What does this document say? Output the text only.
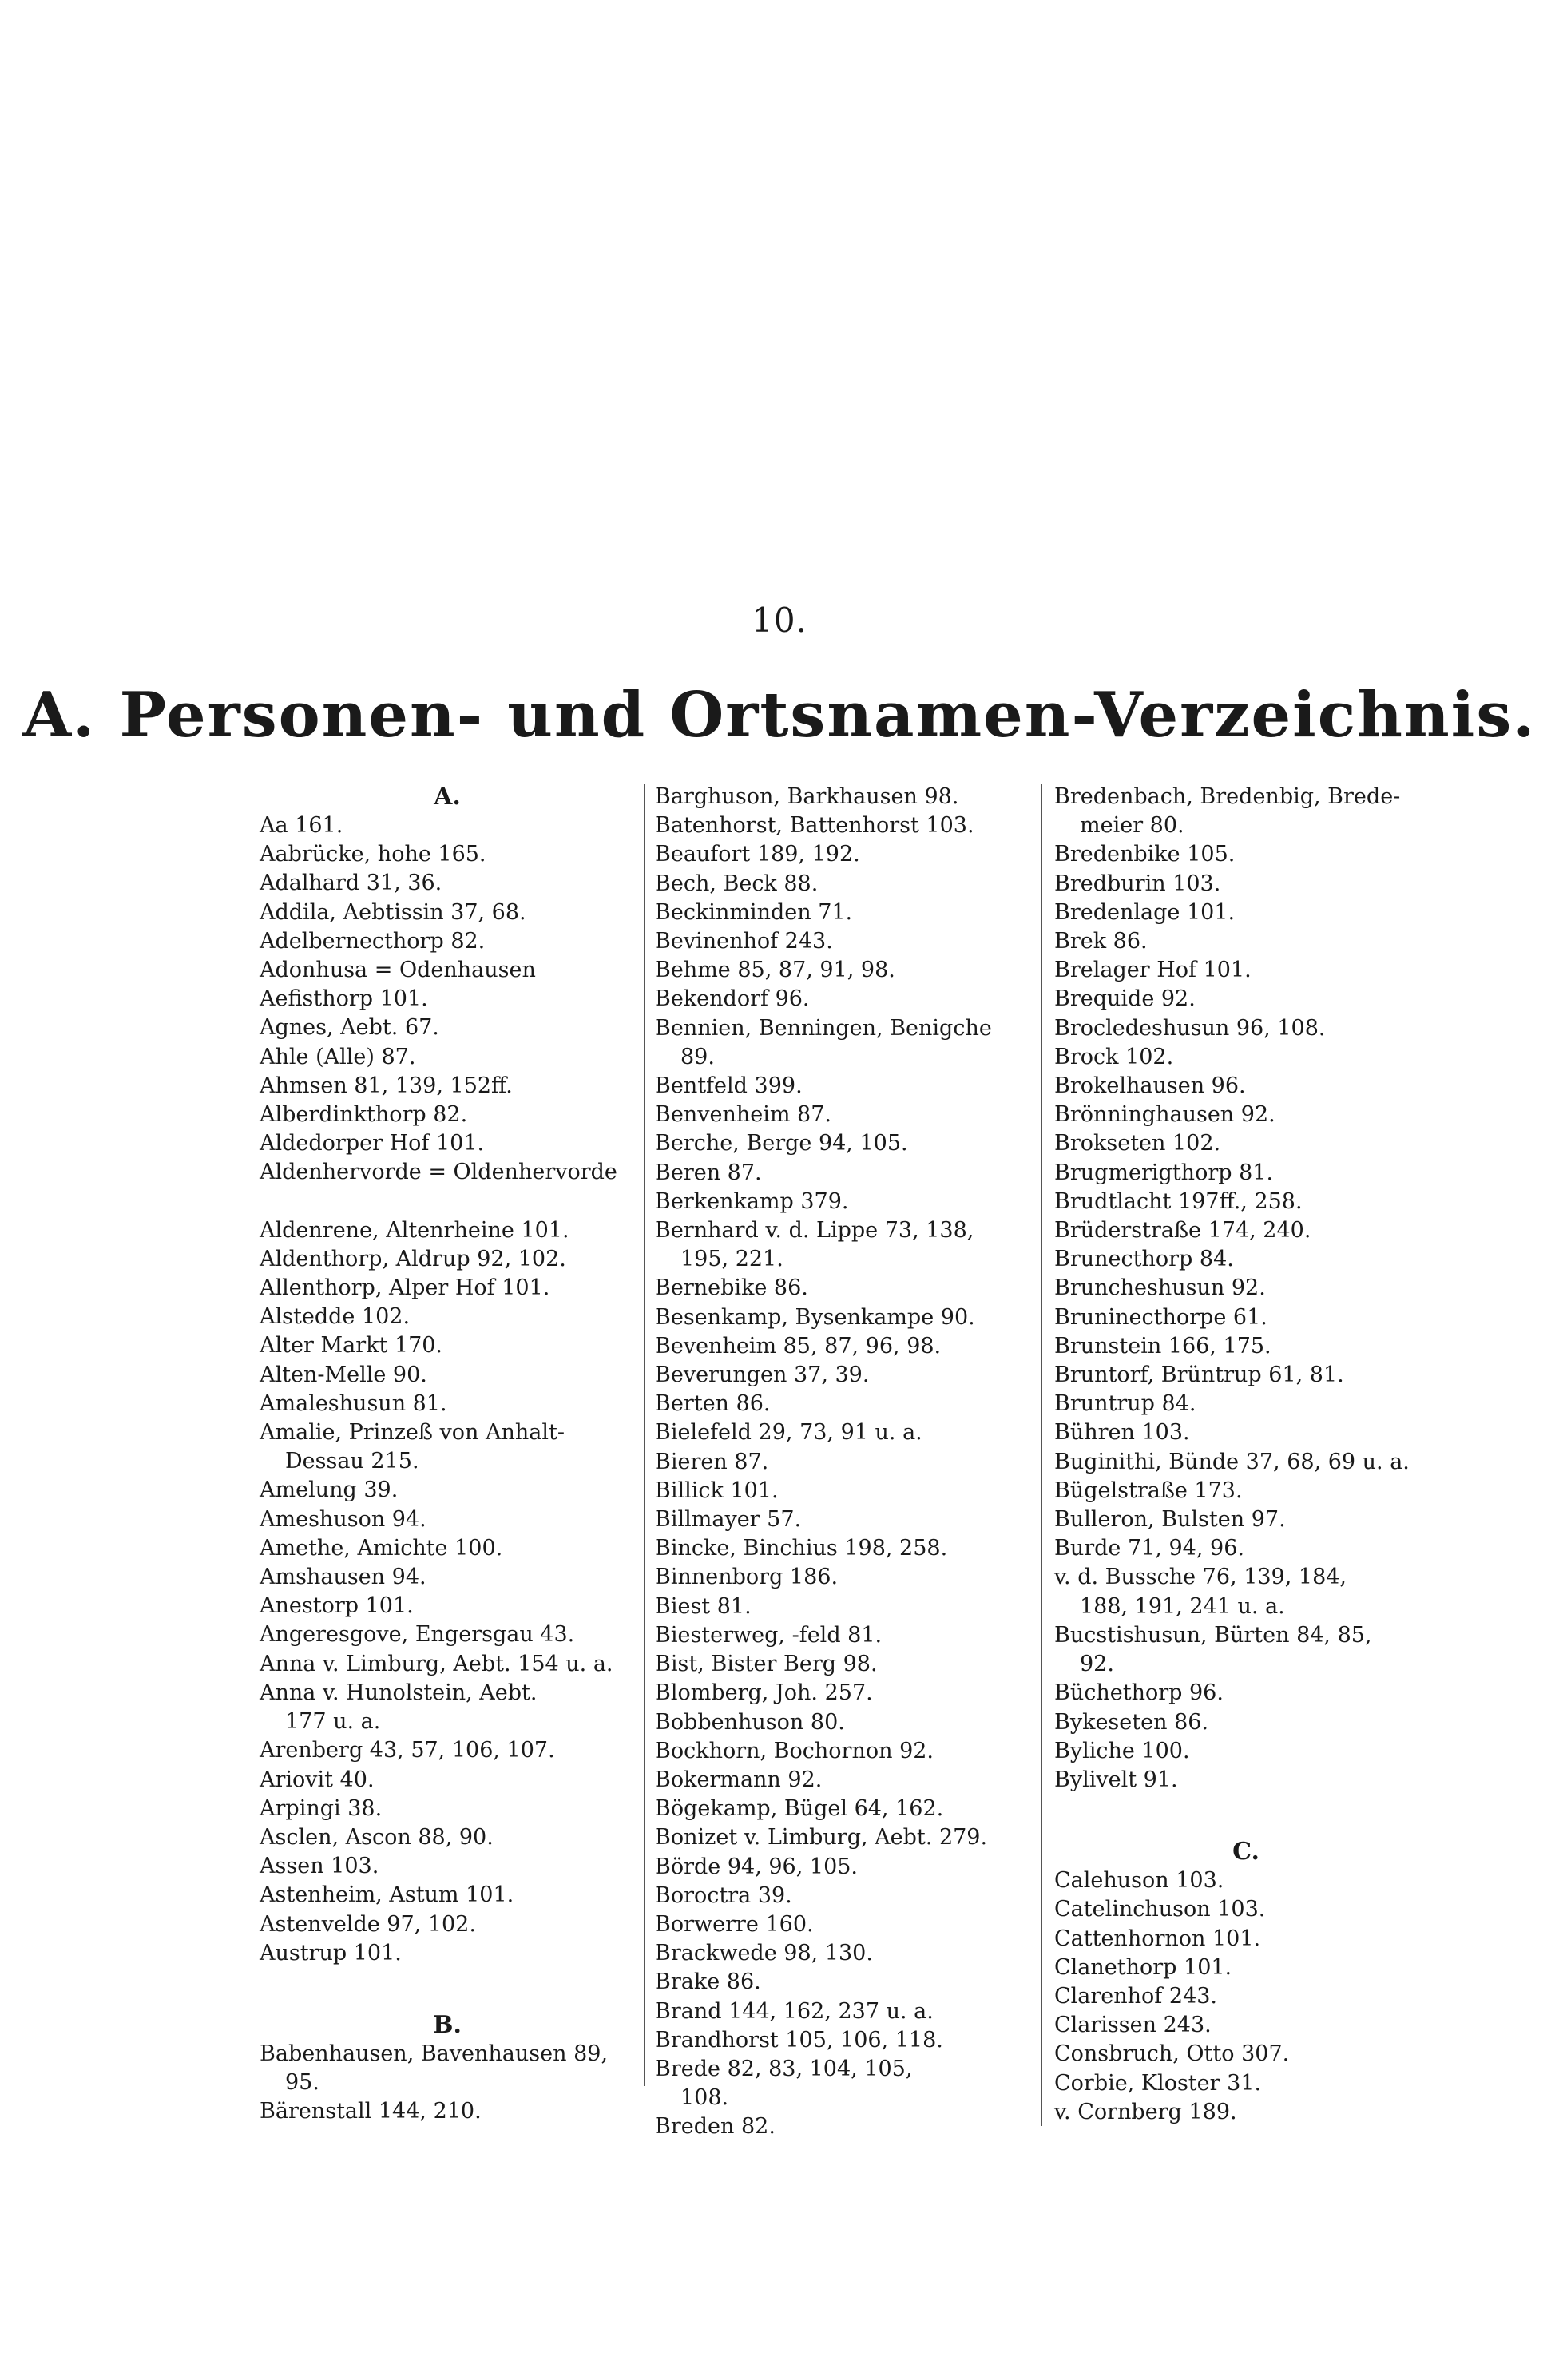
10.
A. Personen- und Ortsnamen-Verzeichnis.
A.
Aa 161.
Aabrücke, hohe 165.
Adalhard 31, 36.
Addila, Aebtissin 37, 68.
Adelbernecthorp 82.
Adonhusa = Odenhausen
Aefisthorp 101.
Agnes, Aebt. 67.
Ahle (Alle) 87.
Ahmsen 81, 139, 152ff.
Alberdinkthorp 82.
Aldedorper Hof 101.
Aldenhervorde = Oldenhervorde
Aldenrene, Altenrheine 101.
Aldenthorp, Aldrup 92, 102.
Allenthorp, Alper Hof 101.
Alstedde 102.
Alter Markt 170.
Alten-Melle 90.
Amaleshusun 81.
Amalie, Prinzeß von Anhalt-
Dessau 215.
Amelung 39.
Ameshuson 94.
Amethe, Amichte 100.
Amshausen 94.
Anestorp 101.
Angeresgove, Engersgau 43.
Anna v. Limburg, Aebt. 154 u. a.
Anna v. Hunolstein, Aebt.
177 u. a.
Arenberg 43, 57, 106, 107.
Ariovit 40.
Arpingi 38.
Asclen, Ascon 88, 90.
Assen 103.
Astenheim, Astum 101.
Astenvelde 97, 102.
Austrup 101.
B.
Babenhausen, Bavenhausen 89,
95.
Bärenstall 144, 210.
Barghuson, Barkhausen 98.
Batenhorst, Battenhorst 103.
Beaufort 189, 192.
Bech, Beck 88.
Beckinminden 71.
Bevinenhof 243.
Behme 85, 87, 91, 98.
Bekendorf 96.
Bennien, Benningen, Benigche
89.
Bentfeld 399.
Benvenheim 87.
Berche, Berge 94, 105.
Beren 87.
Berkenkamp 379.
Bernhard v. d. Lippe 73, 138,
195, 221.
Bernebike 86.
Besenkamp, Bysenkampe 90.
Bevenheim 85, 87, 96, 98.
Beverungen 37, 39.
Berten 86.
Bielefeld 29, 73, 91 u. a.
Bieren 87.
Billick 101.
Billmayer 57.
Bincke, Binchius 198, 258.
Binnenborg 186.
Biest 81.
Biesterweg, -feld 81.
Bist, Bister Berg 98.
Blomberg, Joh. 257.
Bobbenhuson 80.
Bockhorn, Bochornon 92.
Bokermann 92.
Bögekamp, Bügel 64, 162.
Bonizet v. Limburg, Aebt. 279.
Börde 94, 96, 105.
Boroctra 39.
Borwerre 160.
Brackwede 98, 130.
Brake 86.
Brand 144, 162, 237 u. a.
Brandhorst 105, 106, 118.
Brede 82, 83, 104, 105,
108.
Breden 82.
Bredenbach, Bredenbig, Brede-
meier 80.
Bredenbike 105.
Bredburin 103.
Bredenlage 101.
Brek 86.
Brelager Hof 101.
Brequide 92.
Brocledeshusun 96, 108.
Brock 102.
Brokelhausen 96.
Brönninghausen 92.
Brokseten 102.
Brugmerigthorp 81.
Brudtlacht 197ff., 258.
Brüderstraße 174, 240.
Brunecthorp 84.
Bruncheshusun 92.
Bruninecthorpe 61.
Brunstein 166, 175.
Bruntorf, Brüntrup 61, 81.
Bruntrup 84.
Bühren 103.
Buginithi, Bünde 37, 68, 69 u. a.
Bügelstraße 173.
Bulleron, Bulsten 97.
Burde 71, 94, 96.
v. d. Bussche 76, 139, 184,
188, 191, 241 u. a.
Bucstishusun, Bürten 84, 85,
92.
Büchethorp 96.
Bykeseten 86.
Byliche 100.
Bylivelt 91.
C.
Calehuson 103.
Catelinchuson 103.
Cattenhornon 101.
Clanethorp 101.
Clarenhof 243.
Clarissen 243.
Consbruch, Otto 307.
Corbie, Kloster 31.
v. Cornberg 189.
